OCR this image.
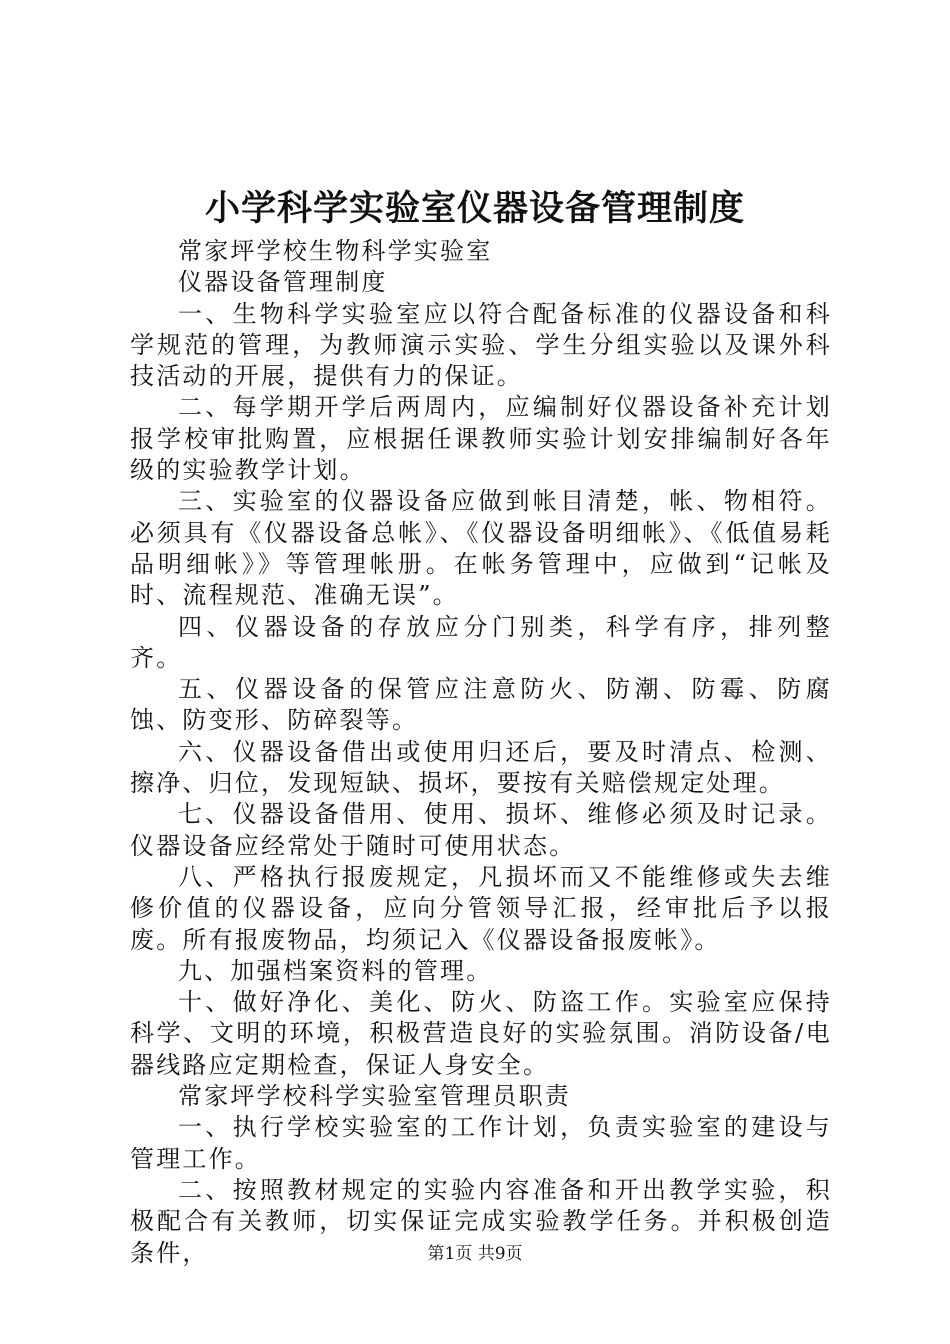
小学科学实验室仪器设备管理制度

常家坪学校生物科学实验室

仪器设备管理制度

一、生物科学实验室应以符合配备标准的仪器设备和科学规范的管理，为教师演示实验、学生分组实验以及课外科技活动的开展，提供有力的保证。

二、每学期开学后两周内，应编制好仪器设备补充计划报学校审批购置，应根据任课教师实验计划安排编制好各年级的实验教学计划。

三、实验室的仪器设备应做到帐目清楚，帐、物相符。必须具有《仪器设备总帐》、《仪器设备明细帐》、《低值易耗品明细帐》》等管理帐册。在帐务管理中，应做到“记帐及时、流程规范、准确无误”。

四、仪器设备的存放应分门别类，科学有序，排列整齐。

五、仪器设备的保管应注意防火、防潮、防霉、防腐蚀、防变形、防碎裂等。

六、仪器设备借出或使用归还后，要及时清点、检测、擦净、归位，发现短缺、损坏，要按有关赔偿规定处理。

七、仪器设备借用、使用、损坏、维修必须及时记录。仪器设备应经常处于随时可使用状态。

八、严格执行报废规定，凡损坏而又不能维修或失去维修价值的仪器设备，应向分管领导汇报，经审批后予以报废。所有报废物品，均须记入《仪器设备报废帐》。

九、加强档案资料的管理。

十、做好净化、美化、防火、防盗工作。实验室应保持科学、文明的环境，积极营造良好的实验氛围。消防设备/电器线路应定期检查，保证人身安全。

常家坪学校科学实验室管理员职责

一、执行学校实验室的工作计划，负责实验室的建设与管理工作。

二、按照教材规定的实验内容准备和开出教学实验，积极配合有关教师，切实保证完成实验教学任务。并积极创造条件，	第1页 共9页
